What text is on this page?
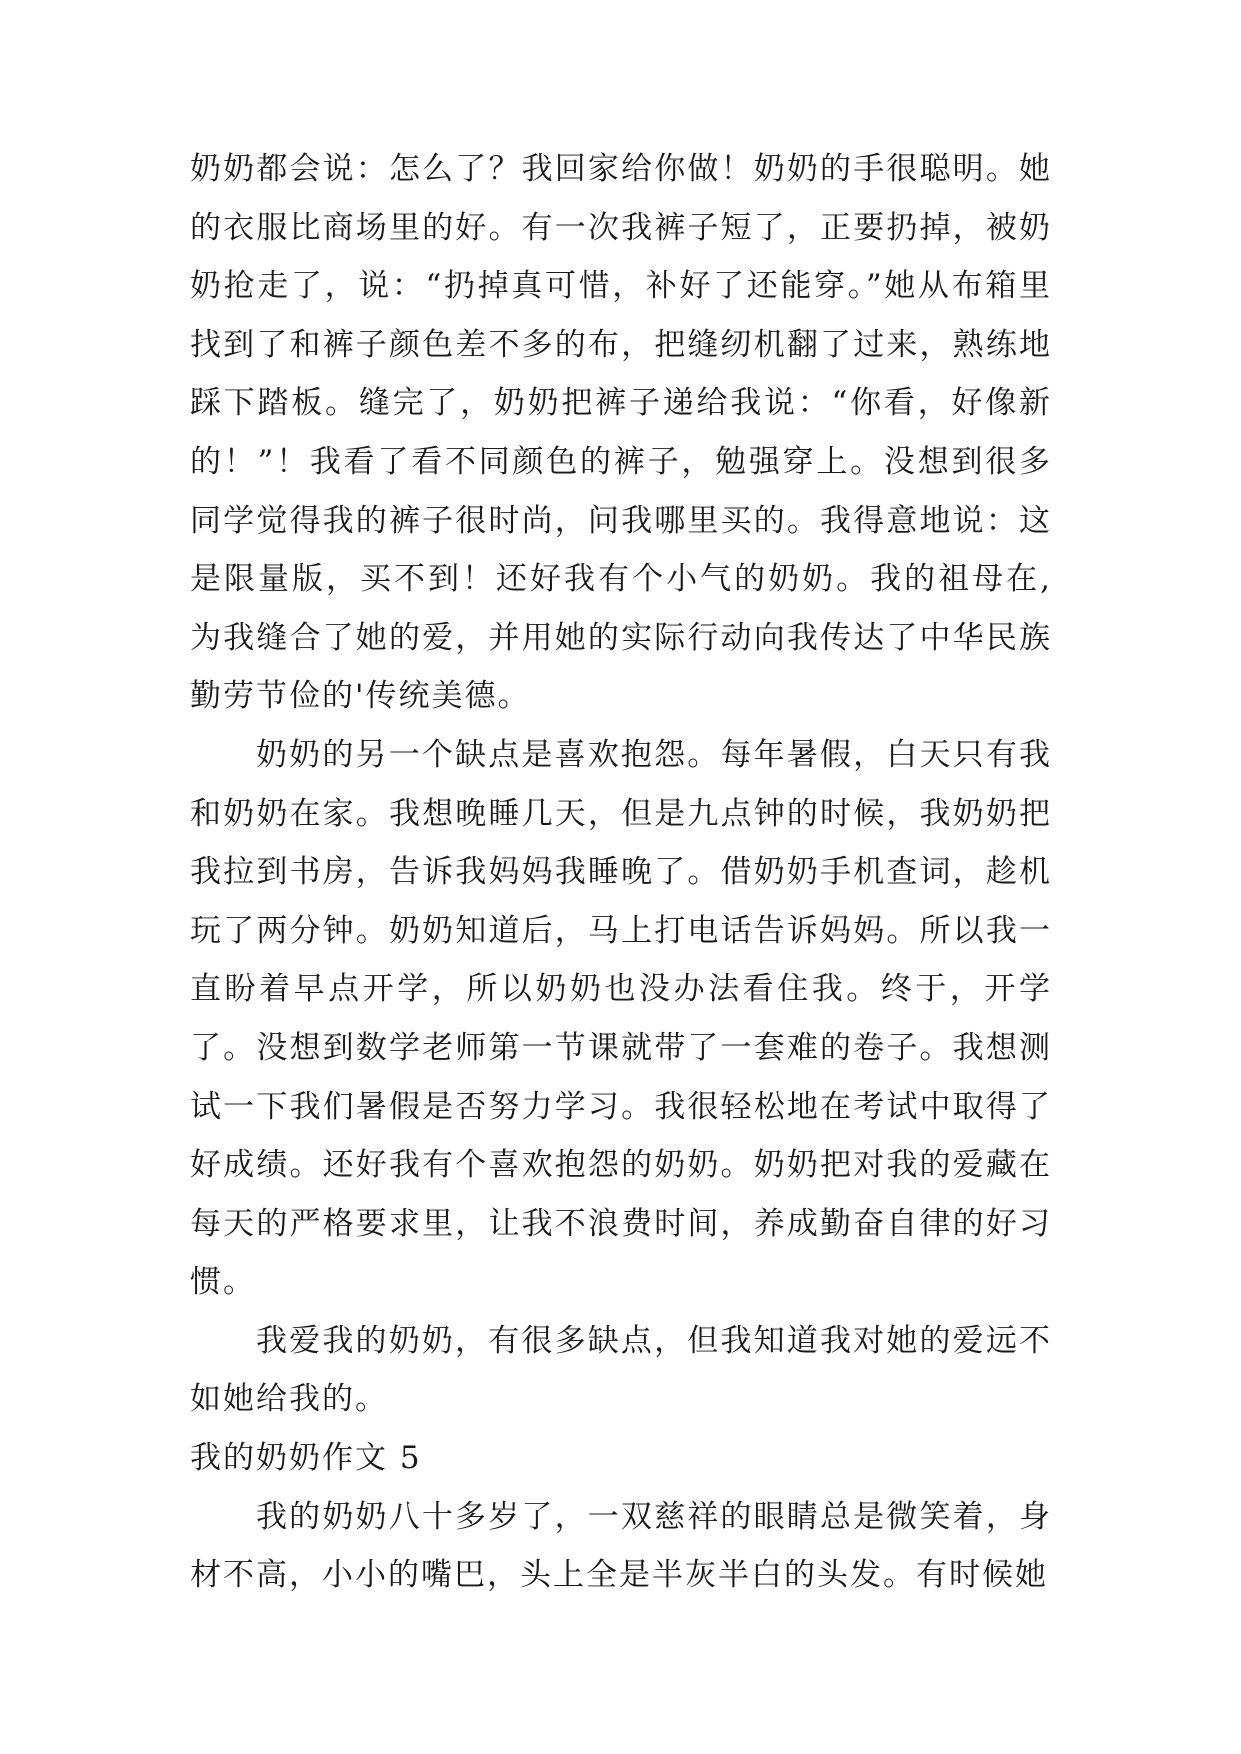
奶奶都会说：怎么了？我回家给你做！奶奶的手很聪明。她的衣服比商场里的好。有一次我裤子短了，正要扔掉，被奶奶抢走了，说：“扔掉真可惜，补好了还能穿。”她从布箱里找到了和裤子颜色差不多的布，把缝纫机翻了过来，熟练地踩下踏板。缝完了，奶奶把裤子递给我说：“你看，好像新的！”！我看了看不同颜色的裤子，勉强穿上。没想到很多同学觉得我的裤子很时尚，问我哪里买的。我得意地说：这是限量版，买不到！还好我有个小气的奶奶。我的祖母在,为我缝合了她的爱，并用她的实际行动向我传达了中华民族勤劳节俭的'传统美德。

奶奶的另一个缺点是喜欢抱怨。每年暑假，白天只有我和奶奶在家。我想晚睡几天，但是九点钟的时候，我奶奶把我拉到书房，告诉我妈妈我睡晚了。借奶奶手机查词，趁机玩了两分钟。奶奶知道后，马上打电话告诉妈妈。所以我一直盼着早点开学，所以奶奶也没办法看住我。终于，开学了。没想到数学老师第一节课就带了一套难的卷子。我想测试一下我们暑假是否努力学习。我很轻松地在考试中取得了好成绩。还好我有个喜欢抱怨的奶奶。奶奶把对我的爱藏在每天的严格要求里，让我不浪费时间，养成勤奋自律的好习惯。

我爱我的奶奶，有很多缺点，但我知道我对她的爱远不如她给我的。

我的奶奶作文 5

我的奶奶八十多岁了，一双慈祥的眼睛总是微笑着，身材不高，小小的嘴巴，头上全是半灰半白的头发。有时候她
